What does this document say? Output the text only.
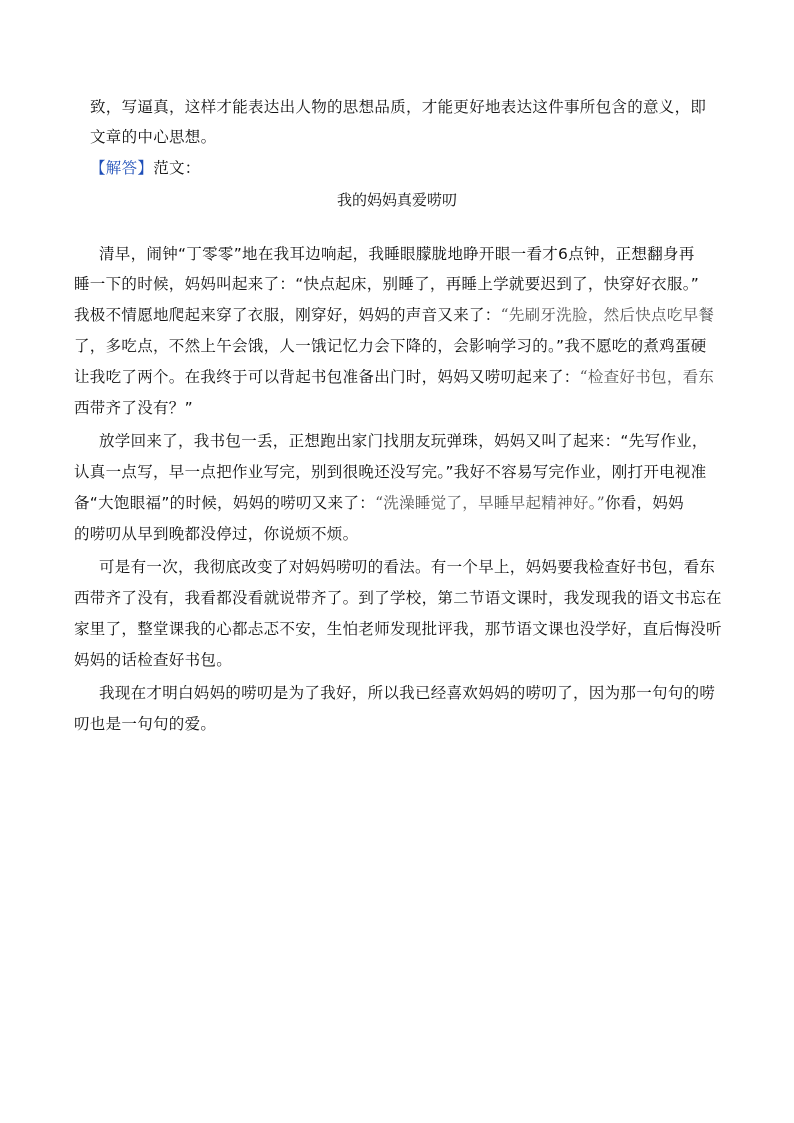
致，写逼真，这样才能表达出人物的思想品质，才能更好地表达这件事所包含的意义，即
文章的中心思想。
【解答】范文：
我的妈妈真爱唠叨
清早，闹钟“丁零零”地在我耳边响起，我睡眼朦胧地睁开眼一看才6点钟，正想翻身再
睡一下的时候，妈妈叫起来了：“快点起床，别睡了，再睡上学就要迟到了，快穿好衣服。”
我极不情愿地爬起来穿了衣服，刚穿好，妈妈的声音又来了：“先刷牙洗脸，然后快点吃早餐
了，多吃点，不然上午会饿，人一饿记忆力会下降的，会影响学习的。”我不愿吃的煮鸡蛋硬
让我吃了两个。在我终于可以背起书包准备出门时，妈妈又唠叨起来了：“检查好书包，看东
西带齐了没有？”
放学回来了，我书包一丢，正想跑出家门找朋友玩弹珠，妈妈又叫了起来：“先写作业，
认真一点写，早一点把作业写完，别到很晚还没写完。”我好不容易写完作业，刚打开电视准
备“大饱眼福”的时候，妈妈的唠叨又来了：“洗澡睡觉了，早睡早起精神好。”你看，妈妈
的唠叨从早到晚都没停过，你说烦不烦。
可是有一次，我彻底改变了对妈妈唠叨的看法。有一个早上，妈妈要我检查好书包，看东
西带齐了没有，我看都没看就说带齐了。到了学校，第二节语文课时，我发现我的语文书忘在
家里了，整堂课我的心都忐忑不安，生怕老师发现批评我，那节语文课也没学好，直后悔没听
妈妈的话检查好书包。
我现在才明白妈妈的唠叨是为了我好，所以我已经喜欢妈妈的唠叨了，因为那一句句的唠
叨也是一句句的爱。
